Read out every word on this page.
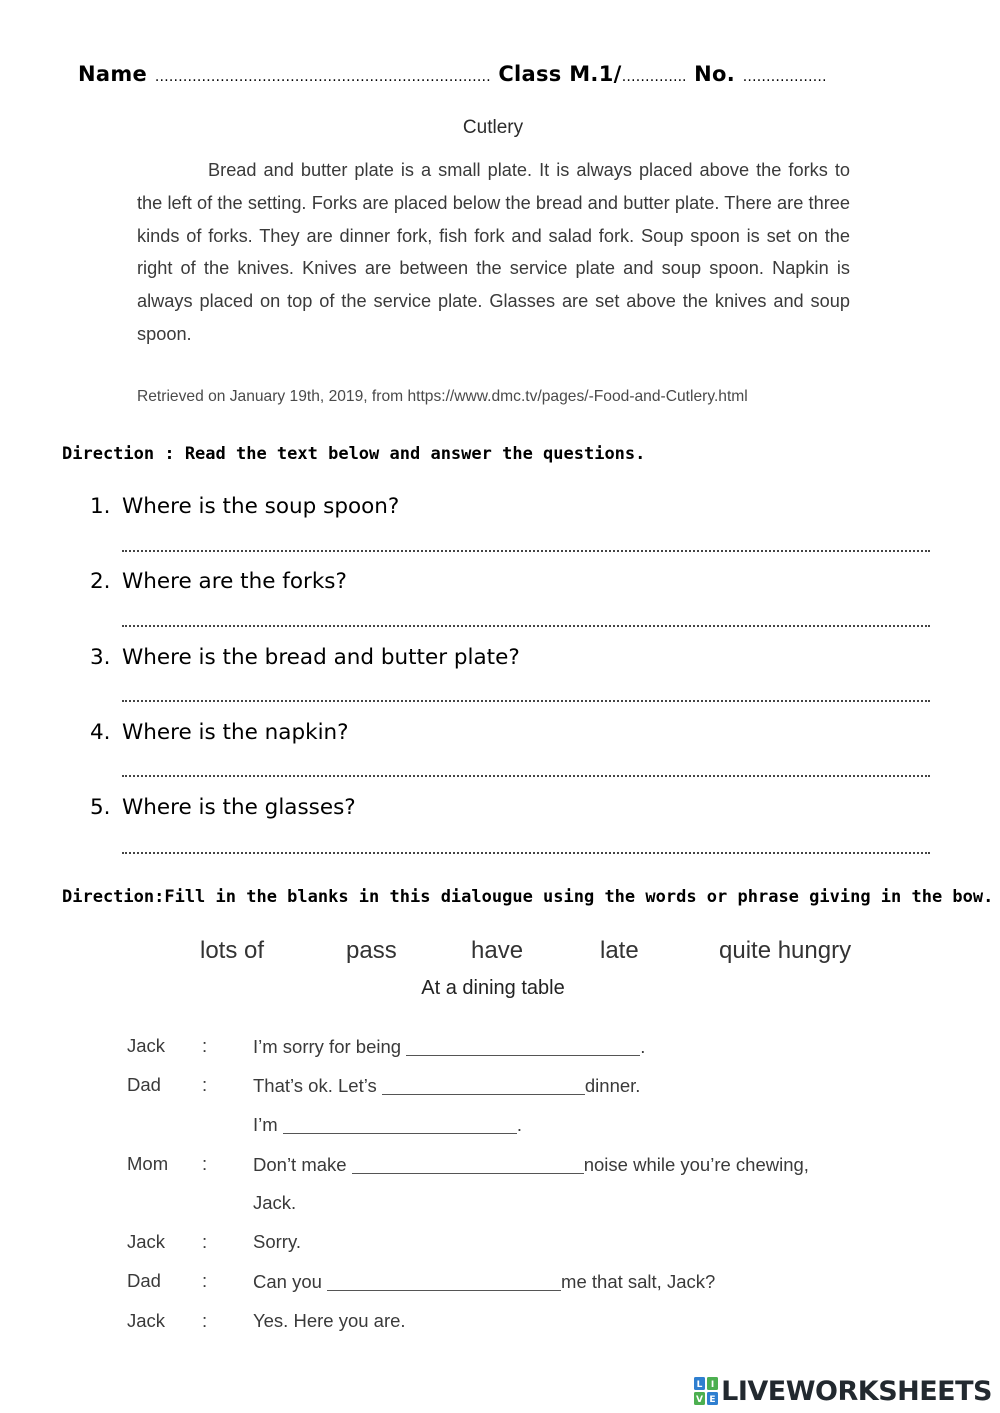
Name ……………………………………………………………… Class M.1/………….. No. ………………
Cutlery

Bread and butter plate is a small plate. It is always placed above the forks to the left of the setting. Forks are placed below the bread and butter plate. There are three kinds of forks. They are dinner fork, fish fork and salad fork. Soup spoon is set on the right of the knives. Knives are between the service plate and soup spoon. Napkin is always placed on top of the service plate. Glasses are set above the knives and soup spoon.

Retrieved on January 19th, 2019, from https://www.dmc.tv/pages/-Food-and-Cutlery.html
Direction : Read the text below and answer the questions.
1. Where is the soup spoon?
2. Where are the forks?
3. Where is the bread and butter plate?
4. Where is the napkin?
5. Where is the glasses?
Direction:Fill in the blanks in this dialougue using the words or phrase giving in the bow.
lots of	pass	have	late	quite hungry
At a dining table
Jack : I’m sorry for being	.
Dad : That’s ok. Let’s	dinner.
I’m	.
Mom : Don’t make	noise while you’re chewing,
Jack.
Jack : Sorry.
Dad : Can you	me that salt, Jack?
Jack : Yes. Here you are.
L I
V E LIVEWORKSHEETS
